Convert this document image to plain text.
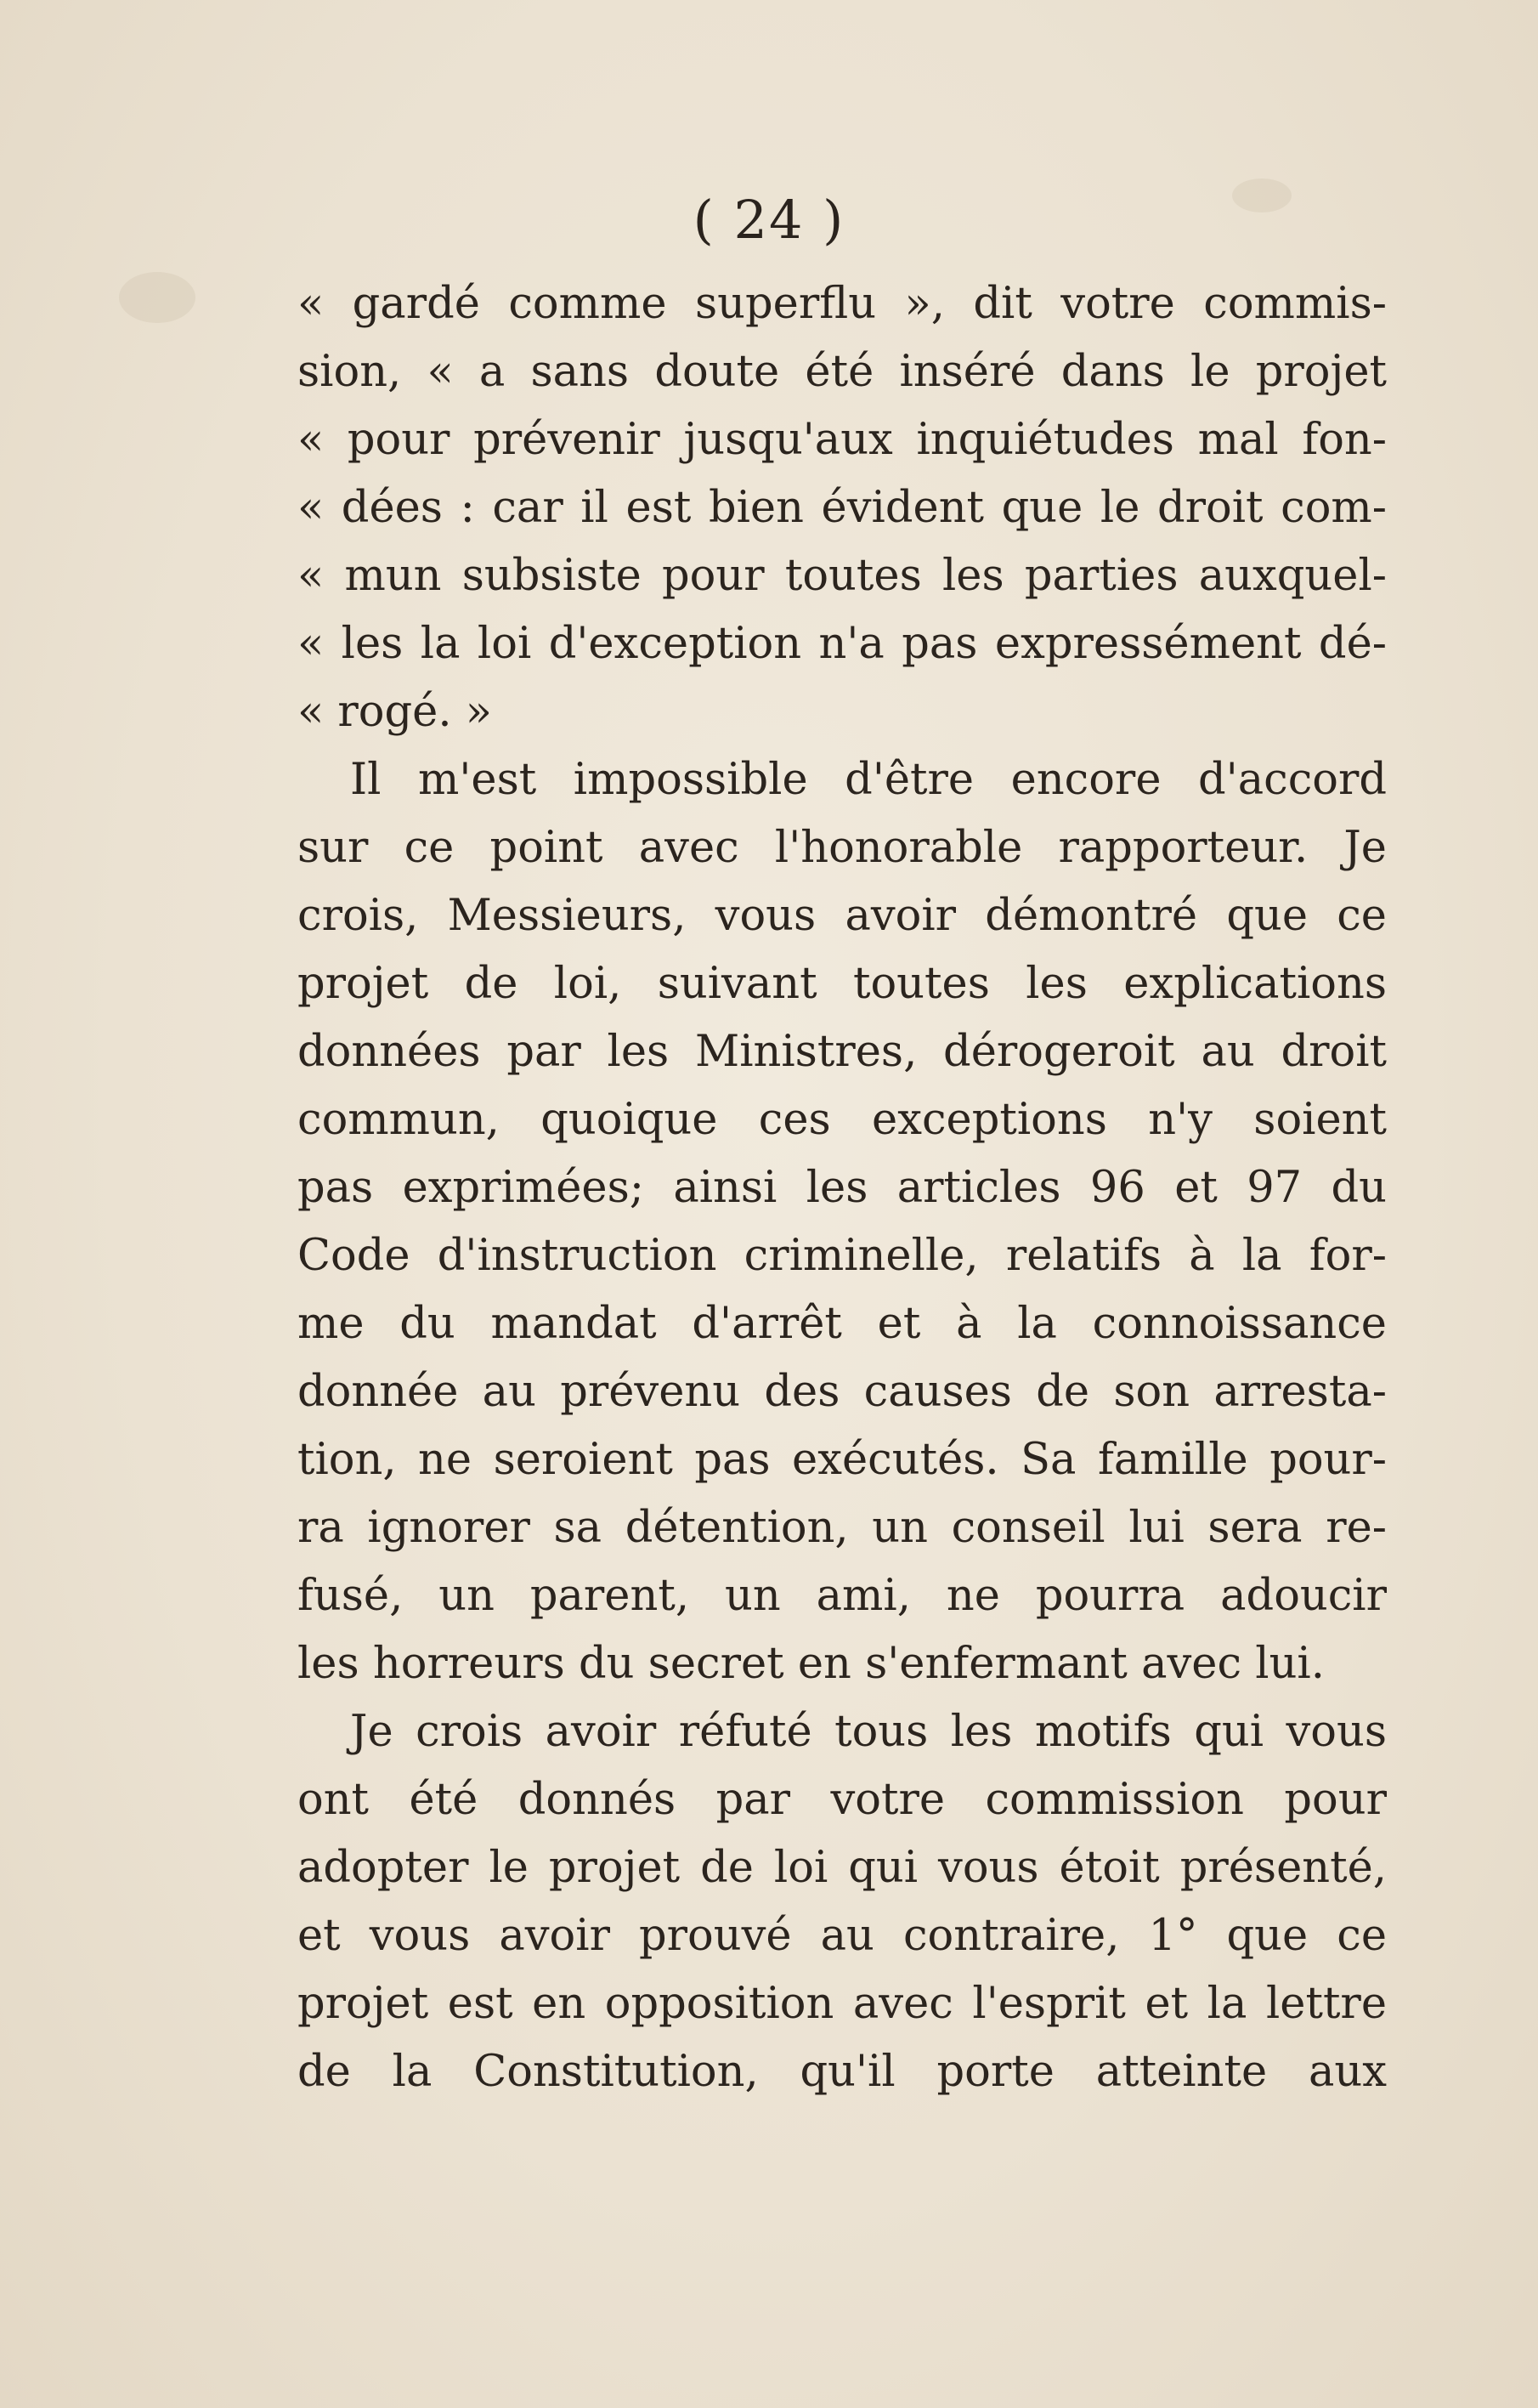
( 24 )
« gardé comme superflu », dit votre commis-
sion, « a sans doute été inséré dans le projet
« pour prévenir jusqu'aux inquiétudes mal fon-
« dées : car il est bien évident que le droit com-
« mun subsiste pour toutes les parties auxquel-
« les la loi d'exception n'a pas expressément dé-
« rogé. »
Il m'est impossible d'être encore d'accord
sur ce point avec l'honorable rapporteur. Je
crois, Messieurs, vous avoir démontré que ce
projet de loi, suivant toutes les explications
données par les Ministres, dérogeroit au droit
commun, quoique ces exceptions n'y soient
pas exprimées; ainsi les articles 96 et 97 du
Code d'instruction criminelle, relatifs à la for-
me du mandat d'arrêt et à la connoissance
donnée au prévenu des causes de son arresta-
tion, ne seroient pas exécutés. Sa famille pour-
ra ignorer sa détention, un conseil lui sera re-
fusé, un parent, un ami, ne pourra adoucir
les horreurs du secret en s'enfermant avec lui.
Je crois avoir réfuté tous les motifs qui vous
ont été donnés par votre commission pour
adopter le projet de loi qui vous étoit présenté,
et vous avoir prouvé au contraire, 1° que ce
projet est en opposition avec l'esprit et la lettre
de la Constitution, qu'il porte atteinte aux
